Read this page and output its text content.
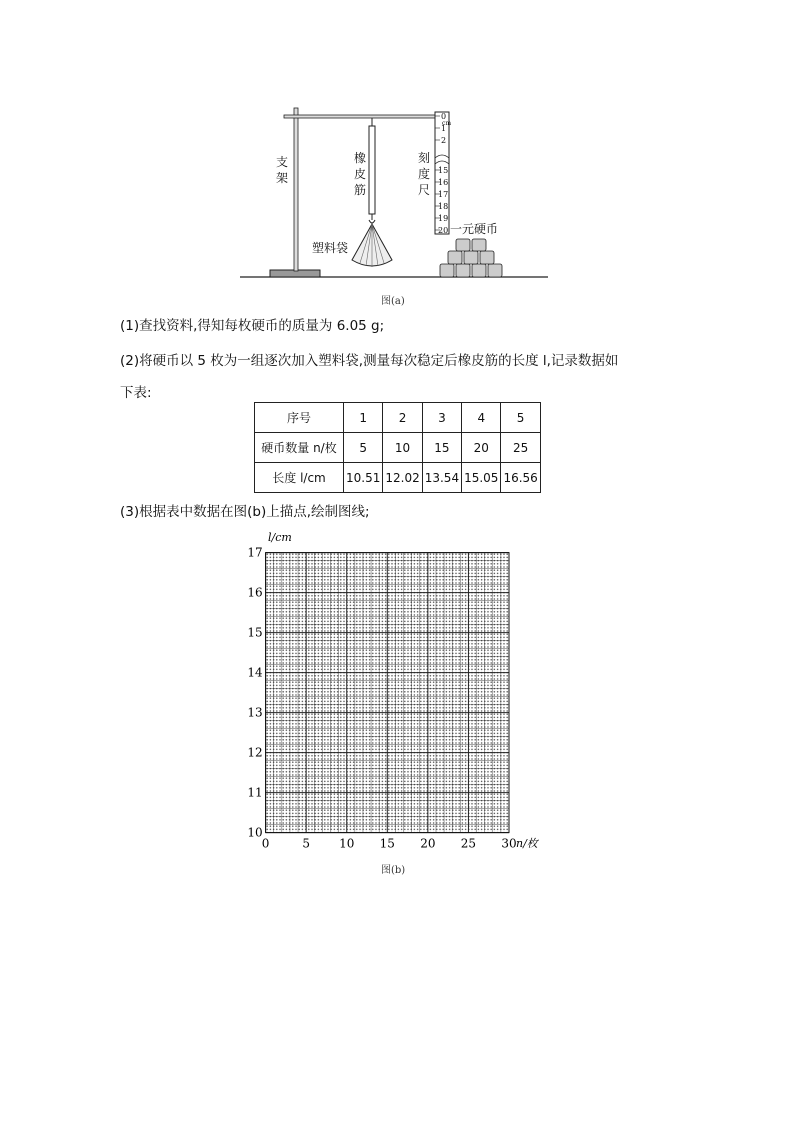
0
cm
1
2
15
16
17
18
19
20
支
架
橡
皮
筋
刻
度
尺
塑料袋
一元硬币
图(a)
(1)查找资料,得知每枚硬币的质量为 6.05 g;
(2)将硬币以 5 枚为一组逐次加入塑料袋,测量每次稳定后橡皮筋的长度 l,记录数据如
下表:
序号	1	2	3	4	5
硬币数量 n/枚	5	10	15	20	25
长度 l/cm	10.51	12.02	13.54	15.05	16.56
(3)根据表中数据在图(b)上描点,绘制图线;
17
16
15
14
13
12
11
10
0	5 10 15 20 25 30
l/cm
n/枚
图(b)
